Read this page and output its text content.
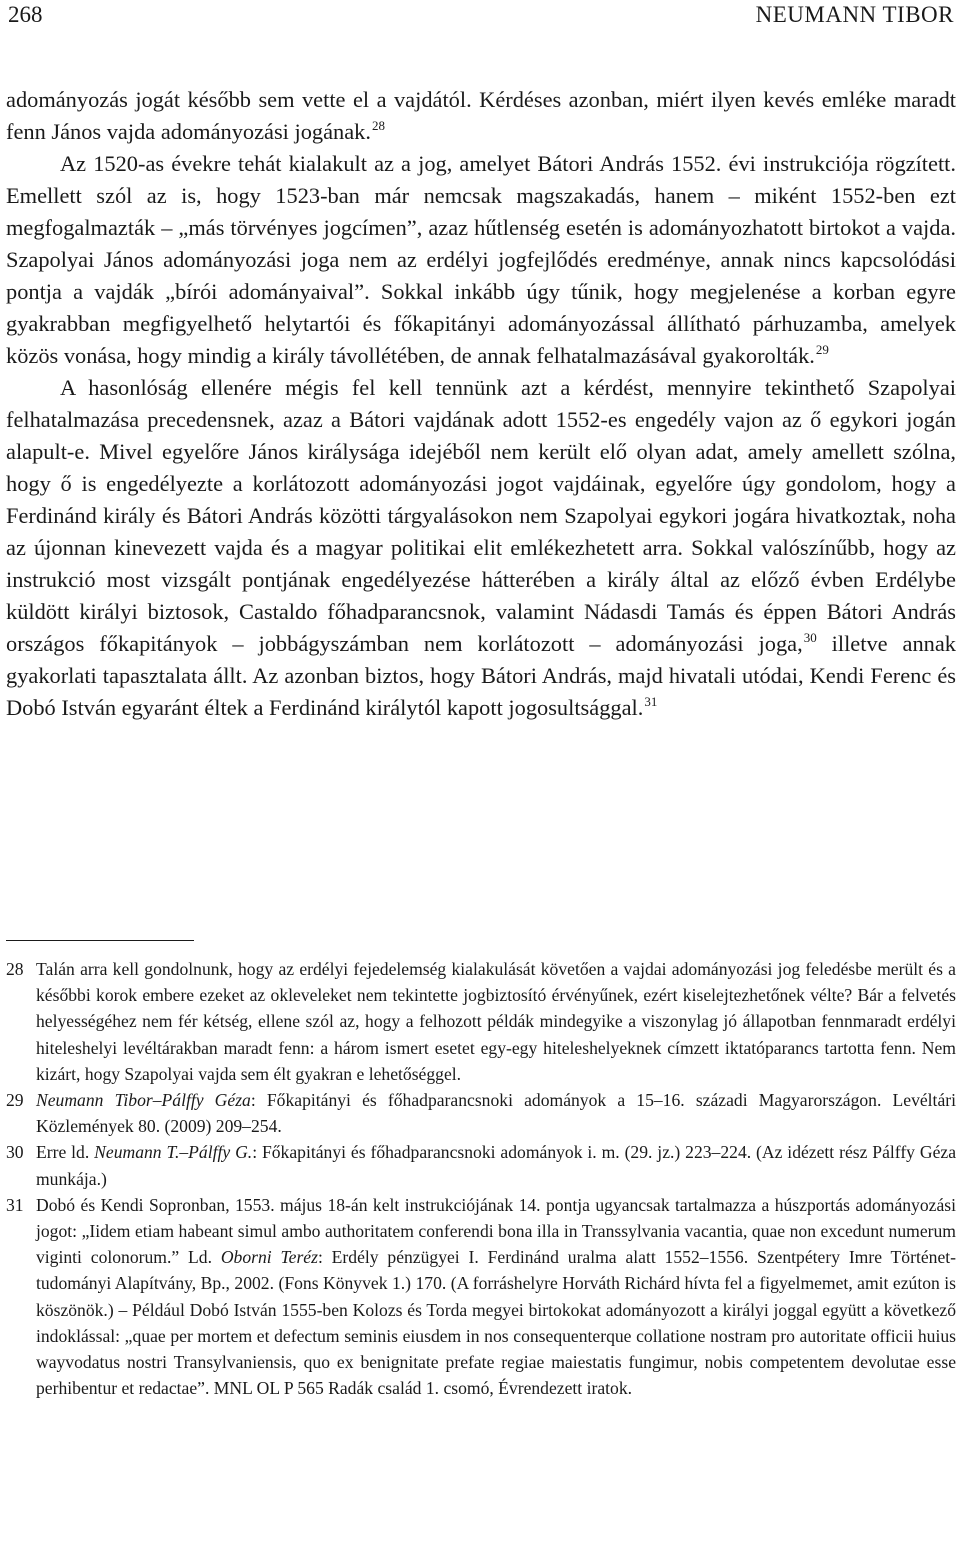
268	NEUMANN TIBOR

adományozás jogát később sem vette el a vajdától. Kérdéses azonban, miért ilyen kevés emléke maradt fenn János vajda adományozási jogának.$^{28}$

Az 1520-as évekre tehát kialakult az a jog, amelyet Bátori András 1552. évi instrukciója rögzített. Emellett szól az is, hogy 1523-ban már nemcsak magszakadás, hanem – miként 1552-ben ezt megfogalmazták – „más törvényes jogcímen”, azaz hűtlenség esetén is adományozhatott birtokot a vajda. Szapolyai János adományozási joga nem az erdélyi jogfejlődés eredménye, annak nincs kapcsolódási pontja a vajdák „bírói adományaival”. Sokkal inkább úgy tűnik, hogy megjelenése a korban egyre gyakrabban megfigyelhető helytartói és főkapitányi adományozással állítható párhuzamba, amelyek közös vonása, hogy mindig a király távollétében, de annak felhatalmazásával gyakorolták.$^{29}$

A hasonlóság ellenére mégis fel kell tennünk azt a kérdést, mennyire tekinthető Szapolyai felhatalmazása precedensnek, azaz a Bátori vajdának adott 1552-es engedély vajon az ő egykori jogán alapult-e. Mivel egyelőre János királysága idejéből nem került elő olyan adat, amely amellett szólna, hogy ő is engedélyezte a korlátozott adományozási jogot vajdáinak, egyelőre úgy gondolom, hogy a Ferdinánd király és Bátori András közötti tárgyalásokon nem Szapolyai egykori jogára hivatkoztak, noha az újonnan kinevezett vajda és a magyar politikai elit emlékezhetett arra. Sokkal valószínűbb, hogy az instrukció most vizsgált pontjának engedélyezése hátterében a király által az előző évben Erdélybe küldött királyi biztosok, Castaldo főhadparancsnok, valamint Nádasdi Tamás és éppen Bátori András országos főkapitányok – jobbágyszámban nem korlátozott – adományozási joga,$^{30}$ illetve annak gyakorlati tapasztalata állt. Az azonban biztos, hogy Bátori András, majd hivatali utódai, Kendi Ferenc és Dobó István egyaránt éltek a Ferdinánd királytól kapott jogosultsággal.$^{31}$

28 Talán arra kell gondolnunk, hogy az erdélyi fejedelemség kialakulását követően a vajdai adományozási jog feledésbe merült és a későbbi korok embere ezeket az okleveleket nem tekintette jogbiztosító érvényűnek, ezért kiselejtezhetőnek vélte? Bár a felvetés helyességéhez nem fér kétség, ellene szól az, hogy a felhozott példák mindegyike a viszonylag jó állapotban fennmaradt erdélyi hiteleshelyi levéltárakban maradt fenn: a három ismert esetet egy-egy hiteleshelyeknek címzett iktatóparancs tartotta fenn. Nem kizárt, hogy Szapolyai vajda sem élt gyakran e lehetőséggel.
29 Neumann Tibor–Pálffy Géza: Főkapitányi és főhadparancsnoki adományok a 15–16. századi Magyarországon. Levéltári Közlemények 80. (2009) 209–254.
30 Erre ld. Neumann T.–Pálffy G.: Főkapitányi és főhadparancsnoki adományok i. m. (29. jz.) 223–224. (Az idézett rész Pálffy Géza munkája.)
31 Dobó és Kendi Sopronban, 1553. május 18-án kelt instrukciójának 14. pontja ugyancsak tartalmazza a húszportás adományozási jogot: „Iidem etiam habeant simul ambo authoritatem conferendi bona illa in Transsylvania vacantia, quae non excedunt numerum viginti colonorum.” Ld. Oborni Teréz: Erdély pénzügyei I. Ferdinánd uralma alatt 1552–1556. Szentpétery Imre Történettudományi Alapítvány, Bp., 2002. (Fons Könyvek 1.) 170. (A forráshelyre Horváth Richárd hívta fel a figyelmemet, amit ezúton is köszönök.) – Például Dobó István 1555-ben Kolozs és Torda megyei birtokokat adományozott a királyi joggal együtt a következő indoklással: „quae per mortem et defectum seminis eiusdem in nos consequenterque collatione nostram pro autoritate officii huius wayvodatus nostri Transylvaniensis, quo ex benignitate prefate regiae maiestatis fungimur, nobis competentem devolutae esse perhibentur et redactae”. MNL OL P 565 Radák család 1. csomó, Évrendezett iratok.
